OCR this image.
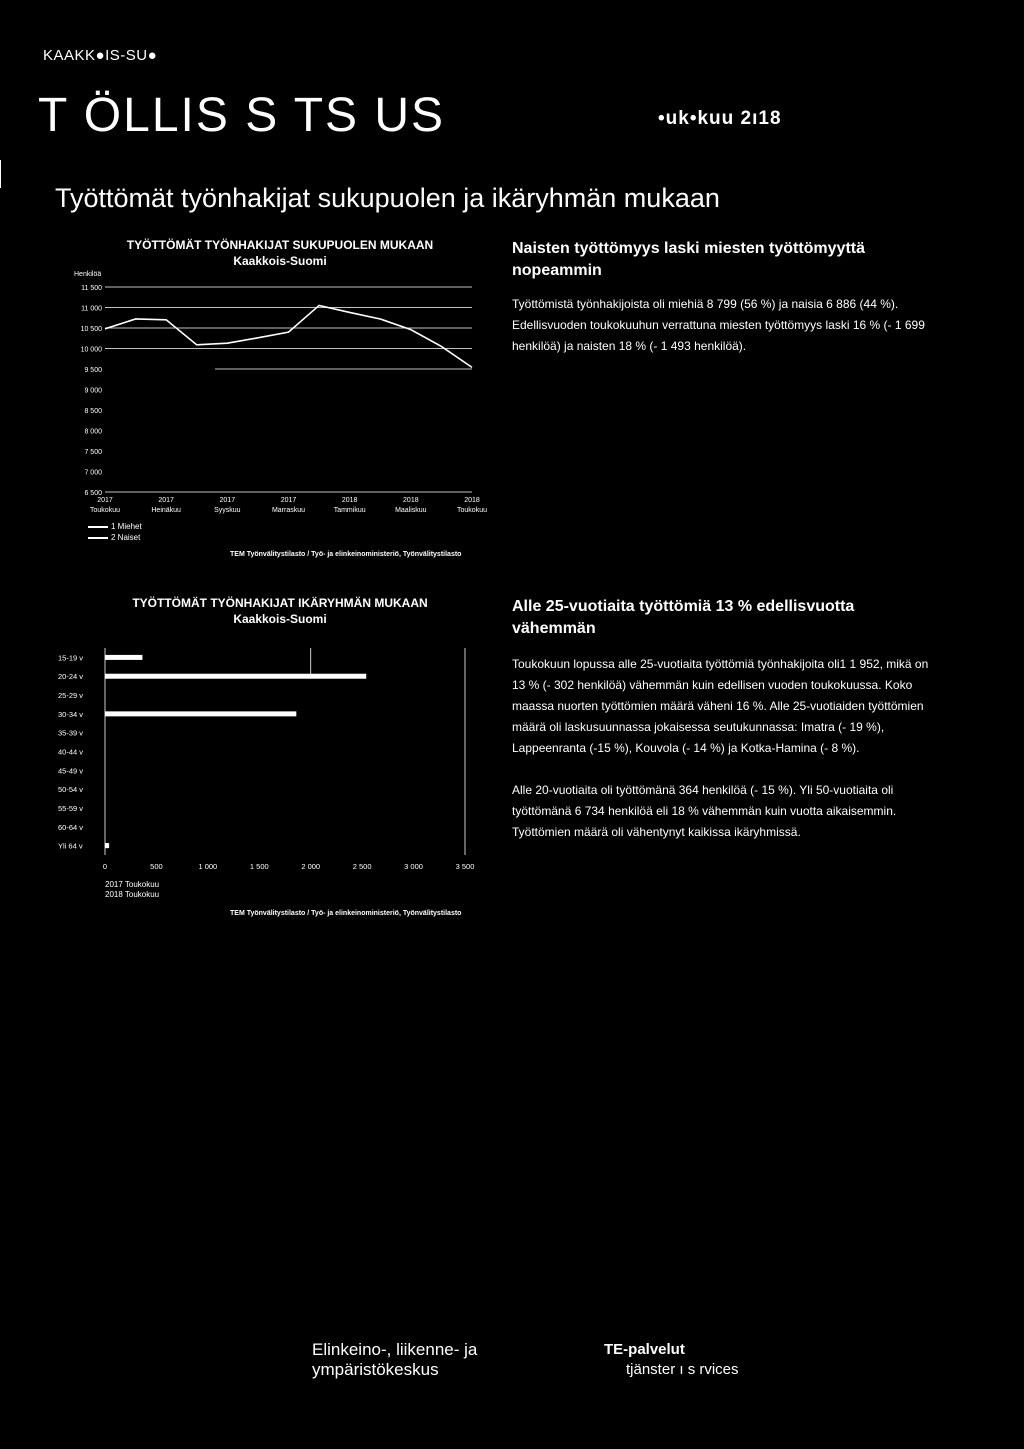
KAAKK●IS-SU●
T ÖLLIS S TS US	•uk•kuu 2ı18
Työttömät työnhakijat sukupuolen ja ikäryhmän mukaan
TYÖTTÖMÄT TYÖNHAKIJAT SUKUPUOLEN MUKAAN
Kaakkois-Suomi
Henkilöä
11 500
11 000
10 500
10 000
9 500
9 000
8 500
8 000
7 500
7 000
6 500
2017
Toukokuu
2017
Heinäkuu
2017
Syyskuu
2017
Marraskuu
2018
Tammikuu
2018
Maaliskuu
2018
Toukokuu
1 Miehet
2 Naiset
TEM Työnvälitystilasto / Työ- ja elinkeinoministeriö, Työnvälitystilasto
Naisten työttömyys laski miesten työttömyyttä nopeammin
Työttömistä työnhakijoista oli miehiä 8 799 (56 %) ja naisia 6 886 (44 %). Edellisvuoden toukokuuhun verrattuna miesten työttömyys laski 16 % (- 1 699 henkilöä) ja naisten 18 % (- 1 493 henkilöä).
TYÖTTÖMÄT TYÖNHAKIJAT IKÄRYHMÄN MUKAAN
Kaakkois-Suomi
15-19 v
20-24 v
25-29 v
30-34 v
35-39 v
40-44 v
45-49 v
50-54 v
55-59 v
60-64 v
Yli 64 v
0	500	1 000	1 500	2 000	2 500	3 000	3 500
2017 Toukokuu
2018 Toukokuu
TEM Työnvälitystilasto / Työ- ja elinkeinoministeriö, Työnvälitystilasto
Alle 25-vuotiaita työttömiä 13 % edellisvuotta vähemmän
Toukokuun lopussa alle 25-vuotiaita työttömiä työnhakijoita oli1 1 952, mikä on 13 % (- 302 henkilöä) vähemmän kuin edellisen vuoden toukokuussa. Koko maassa nuorten työttömien määrä väheni 16 %. Alle 25-vuotiaiden työttömien määrä oli laskusuunnassa jokaisessa seutukunnassa: Imatra (- 19 %), Lappeenranta (-15 %), Kouvola (- 14 %) ja Kotka-Hamina (- 8 %).
Alle 20-vuotiaita oli työttömänä 364 henkilöä (- 15 %). Yli 50-vuotiaita oli työttömänä 6 734 henkilöä eli 18 % vähemmän kuin vuotta aikaisemmin. Työttömien määrä oli vähentynyt kaikissa ikäryhmissä.
Elinkeino-, liikenne- ja
ympäristökeskus
TE-palvelut
tjänster ı s rvices
